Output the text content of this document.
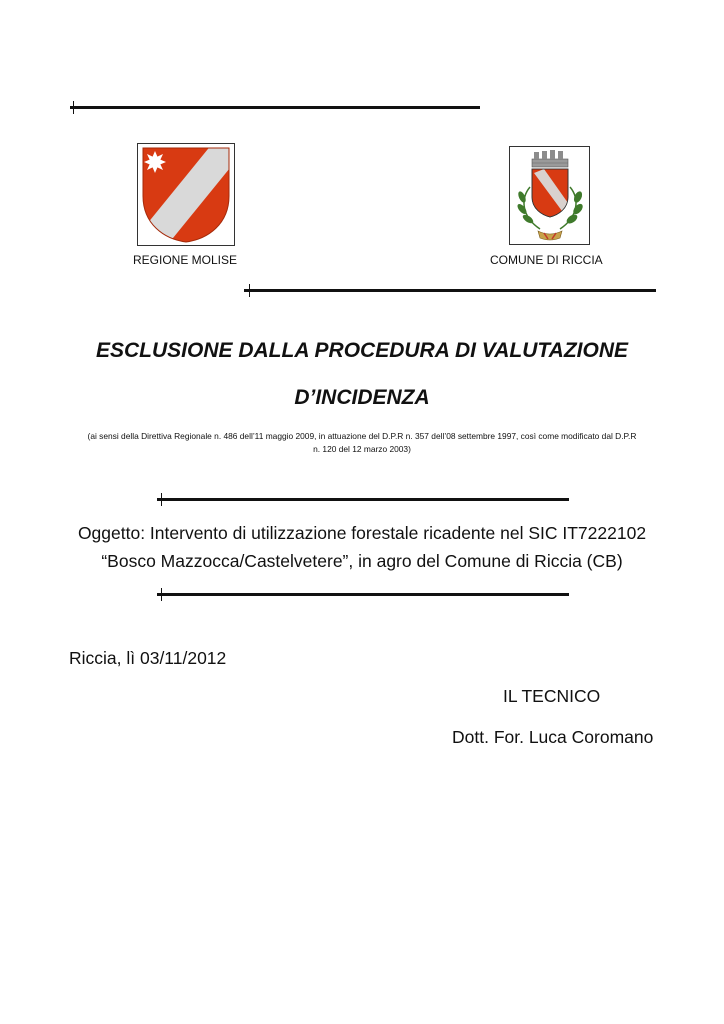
REGIONE MOLISE	COMUNE DI RICCIA
ESCLUSIONE DALLA PROCEDURA DI VALUTAZIONE
D’INCIDENZA
(ai sensi della Direttiva Regionale n. 486 dell’11 maggio 2009, in attuazione del D.P.R n. 357 dell’08 settembre 1997, così come modificato dal D.P.R
n. 120 del 12 marzo 2003)
Oggetto: Intervento di utilizzazione forestale ricadente nel SIC IT7222102
“Bosco Mazzocca/Castelvetere”, in agro del Comune di Riccia (CB)
Riccia, lì 03/11/2012
IL TECNICO
Dott. For. Luca Coromano
